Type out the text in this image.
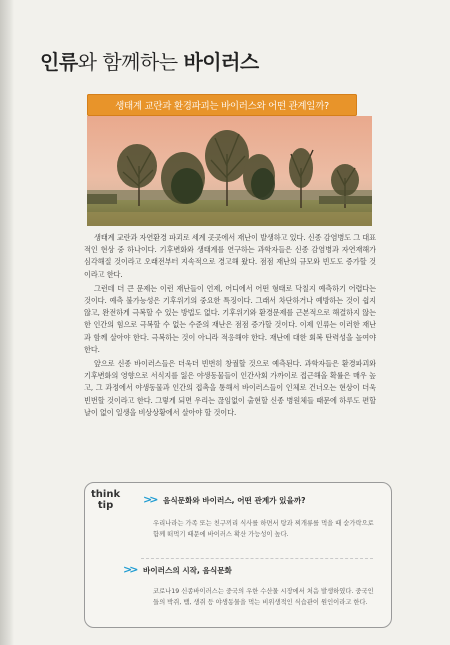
인류와 함께하는 바이러스
생태계 교란과 환경파괴는 바이러스와 어떤 관계일까?

생태계 교란과 자연환경 파괴로 세계 곳곳에서 재난이 발생하고 있다. 신종 감염병도 그 대표적인 현상 중 하나이다. 기후변화와 생태계를 연구하는 과학자들은 신종 감염병과 자연재해가 심각해질 것이라고 오래전부터 지속적으로 경고해 왔다. 점점 재난의 규모와 빈도도 증가할 것이라고 한다.

그런데 더 큰 문제는 이런 재난들이 언제, 어디에서 어떤 형태로 닥칠지 예측하기 어렵다는 것이다. 예측 불가능성은 기후위기의 중요한 특징이다. 그래서 차단하거나 예방하는 것이 쉽지 않고, 완전하게 극복할 수 있는 방법도 없다. 기후위기와 환경문제를 근본적으로 해결하지 않는 한 인간의 힘으로 극복할 수 없는 수준의 재난은 점점 증가할 것이다. 이제 인류는 이러한 재난과 함께 살아야 한다. 극복하는 것이 아니라 적응해야 한다. 재난에 대한 회복 탄력성을 높여야 한다.

앞으로 신종 바이러스들은 더욱더 빈번히 창궐할 것으로 예측된다. 과학자들은 환경파괴와 기후변화의 영향으로 서식지를 잃은 야생동물들이 인간사회 가까이로 접근해올 확률은 매우 높고, 그 과정에서 야생동물과 인간의 접촉을 통해서 바이러스들이 인체로 건너오는 현상이 더욱 빈번할 것이라고 한다. 그렇게 되면 우리는 끊임없이 출현할 신종 병원체들 때문에 하루도 편할 날이 없이 일생을 비상상황에서 살아야 할 것이다.

think
tip	>> 음식문화와 바이러스, 어떤 관계가 있을까?
우리나라는 가족 또는 친구끼리 식사를 하면서 탕과 찌개류를 먹을 때 숟가락으로 함께 떠먹기 때문에 바이러스 확산 가능성이 높다.
>> 바이러스의 시작, 음식문화
코로나19 신종바이러스는 중국의 우한 수산물 시장에서 처음 발생하였다. 중국인들의 박쥐, 뱀, 생쥐 등 야생동물을 먹는 비위생적인 식습관이 원인이라고 한다.
